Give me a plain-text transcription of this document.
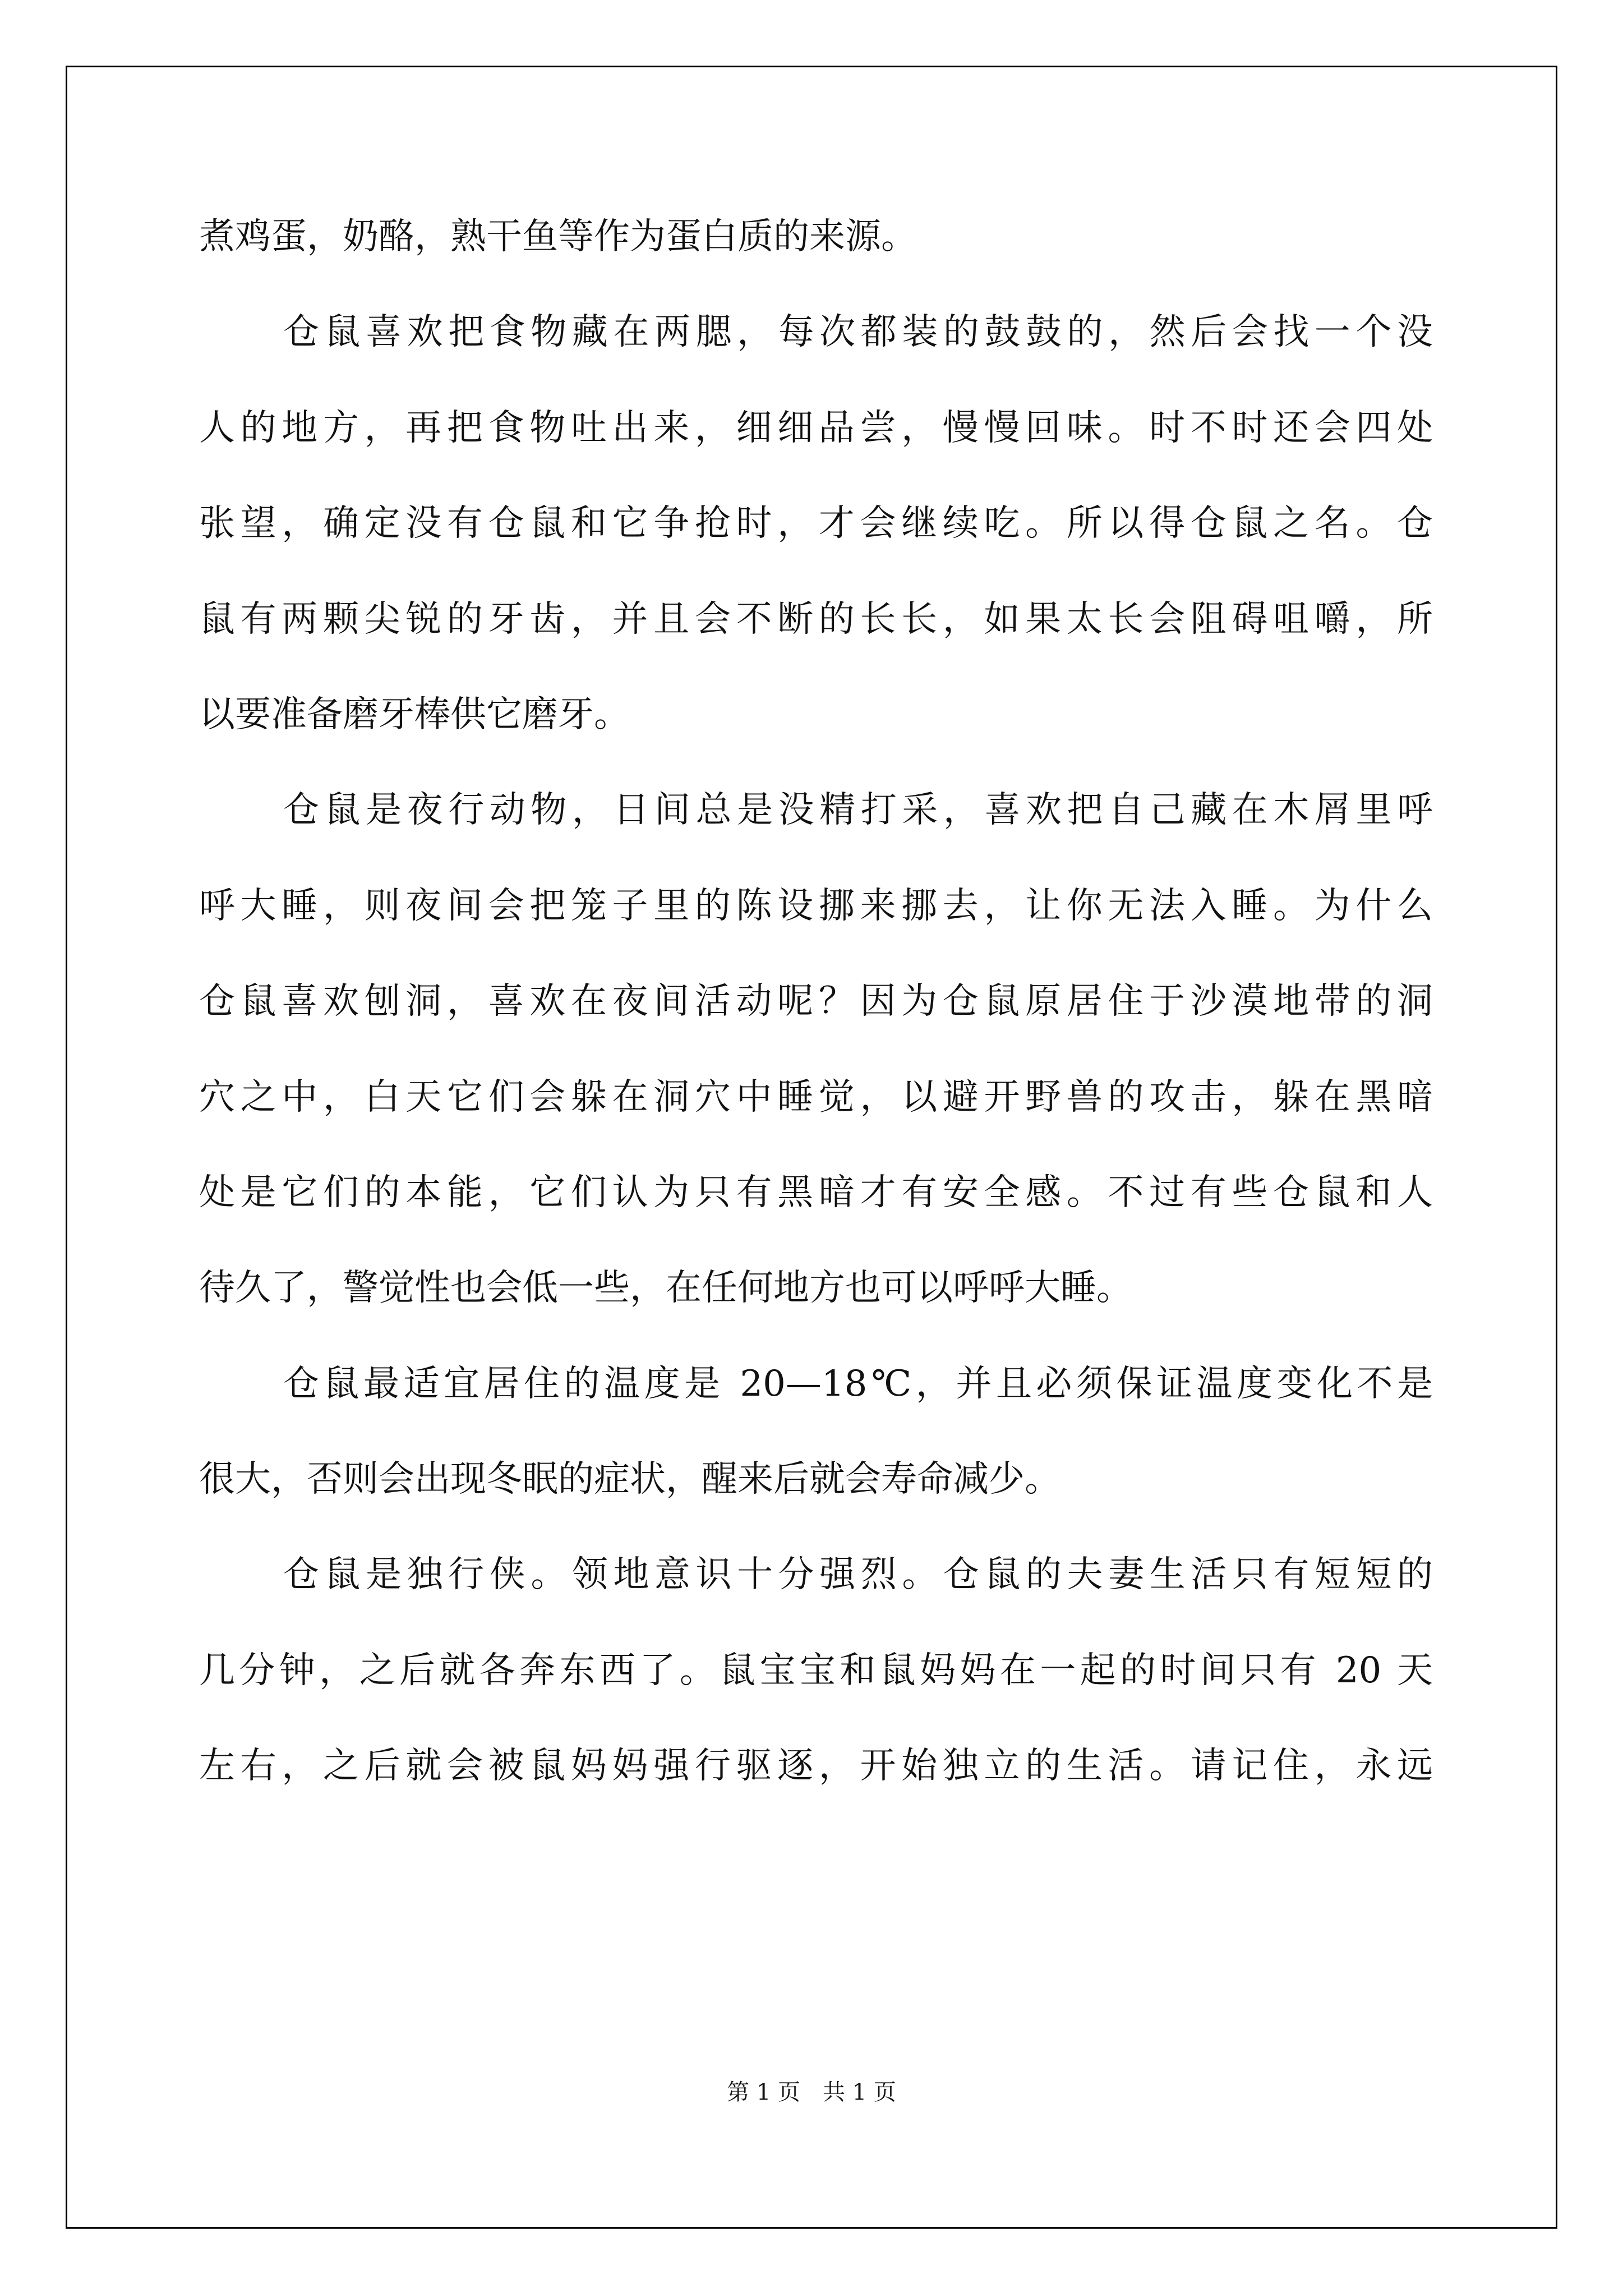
煮鸡蛋，奶酪，熟干鱼等作为蛋白质的来源。
仓鼠喜欢把食物藏在两腮，每次都装的鼓鼓的，然后会找一个没
人的地方，再把食物吐出来，细细品尝，慢慢回味。时不时还会四处
张望，确定没有仓鼠和它争抢时，才会继续吃。所以得仓鼠之名。仓
鼠有两颗尖锐的牙齿，并且会不断的长长，如果太长会阻碍咀嚼，所
以要准备磨牙棒供它磨牙。
仓鼠是夜行动物，日间总是没精打采，喜欢把自己藏在木屑里呼
呼大睡，则夜间会把笼子里的陈设挪来挪去，让你无法入睡。为什么
仓鼠喜欢刨洞，喜欢在夜间活动呢？因为仓鼠原居住于沙漠地带的洞
穴之中，白天它们会躲在洞穴中睡觉，以避开野兽的攻击，躲在黑暗
处是它们的本能，它们认为只有黑暗才有安全感。不过有些仓鼠和人
待久了，警觉性也会低一些，在任何地方也可以呼呼大睡。
仓鼠最适宜居住的温度是 20—18℃，并且必须保证温度变化不是
很大，否则会出现冬眠的症状，醒来后就会寿命减少。
仓鼠是独行侠。领地意识十分强烈。仓鼠的夫妻生活只有短短的
几分钟，之后就各奔东西了。鼠宝宝和鼠妈妈在一起的时间只有 20 天
左右，之后就会被鼠妈妈强行驱逐，开始独立的生活。请记住，永远
第 1 页　共 1 页
